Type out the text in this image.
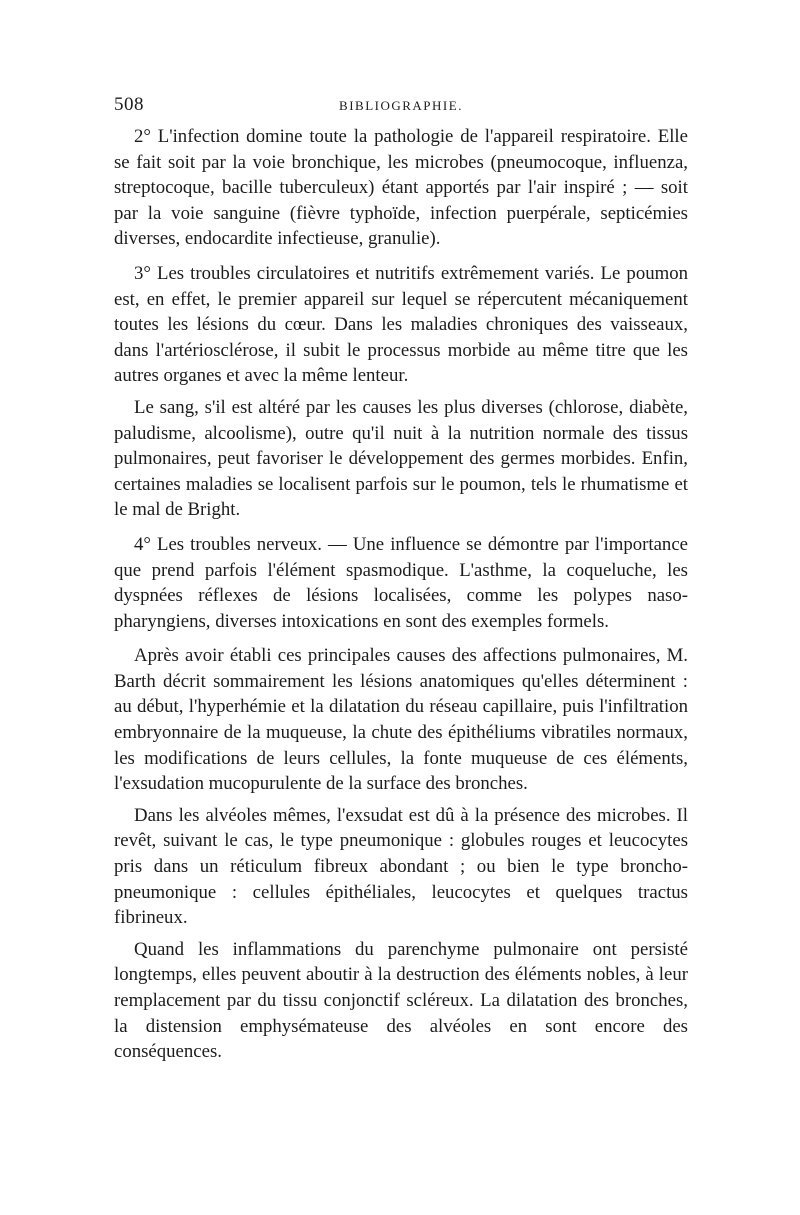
508	BIBLIOGRAPHIE.

2° L'infection domine toute la pathologie de l'appareil respiratoire. Elle se fait soit par la voie bronchique, les microbes (pneumocoque, influenza, streptocoque, bacille tuberculeux) étant apportés par l'air inspiré ; — soit par la voie sanguine (fièvre typhoïde, infection puerpérale, septicémies diverses, endocardite infectieuse, granulie).

3° Les troubles circulatoires et nutritifs extrêmement variés. Le poumon est, en effet, le premier appareil sur lequel se répercutent mécaniquement toutes les lésions du cœur. Dans les maladies chroniques des vaisseaux, dans l'artériosclérose, il subit le processus morbide au même titre que les autres organes et avec la même lenteur.

Le sang, s'il est altéré par les causes les plus diverses (chlorose, diabète, paludisme, alcoolisme), outre qu'il nuit à la nutrition normale des tissus pulmonaires, peut favoriser le développement des germes morbides. Enfin, certaines maladies se localisent parfois sur le poumon, tels le rhumatisme et le mal de Bright.

4° Les troubles nerveux. — Une influence se démontre par l'importance que prend parfois l'élément spasmodique. L'asthme, la coqueluche, les dyspnées réflexes de lésions localisées, comme les polypes naso-pharyngiens, diverses intoxications en sont des exemples formels.

Après avoir établi ces principales causes des affections pulmonaires, M. Barth décrit sommairement les lésions anatomiques qu'elles déterminent : au début, l'hyperhémie et la dilatation du réseau capillaire, puis l'infiltration embryonnaire de la muqueuse, la chute des épithéliums vibratiles normaux, les modifications de leurs cellules, la fonte muqueuse de ces éléments, l'exsudation mucopurulente de la surface des bronches.

Dans les alvéoles mêmes, l'exsudat est dû à la présence des microbes. Il revêt, suivant le cas, le type pneumonique : globules rouges et leucocytes pris dans un réticulum fibreux abondant ; ou bien le type broncho-pneumonique : cellules épithéliales, leucocytes et quelques tractus fibrineux.

Quand les inflammations du parenchyme pulmonaire ont persisté longtemps, elles peuvent aboutir à la destruction des éléments nobles, à leur remplacement par du tissu conjonctif scléreux. La dilatation des bronches, la distension emphysémateuse des alvéoles en sont encore des conséquences.
